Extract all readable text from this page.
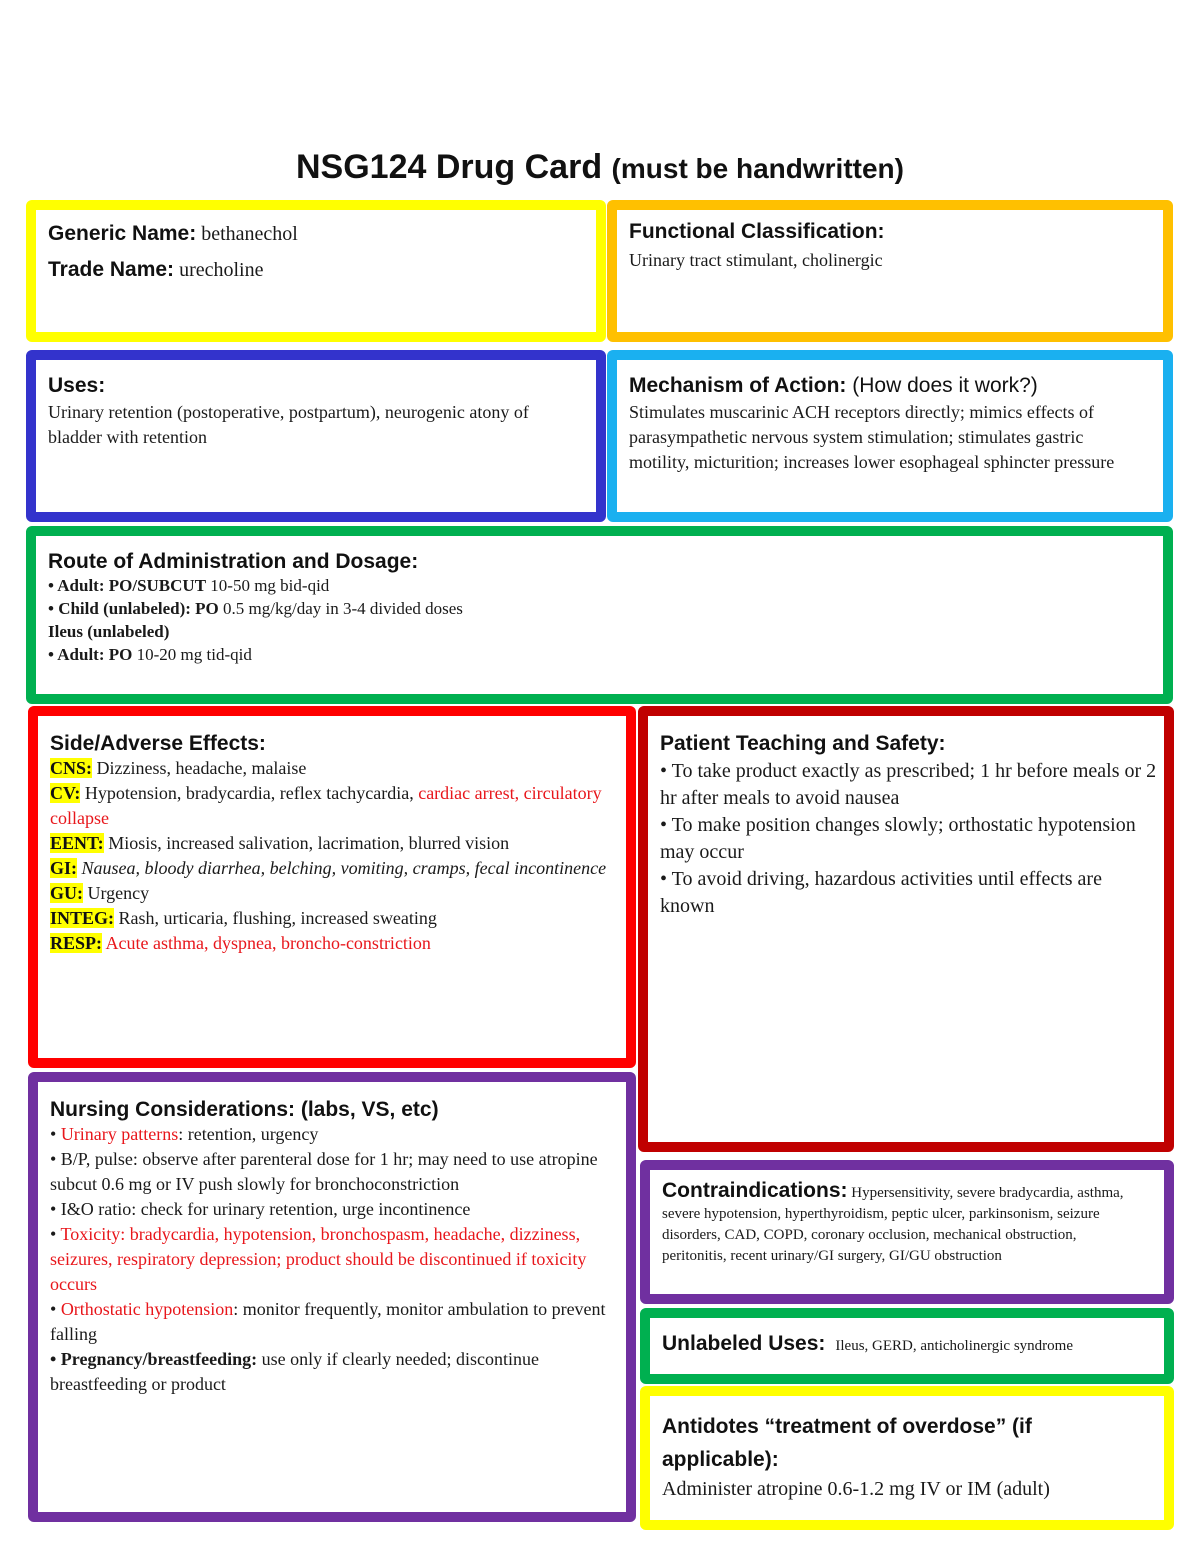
NSG124 Drug Card (must be handwritten)
Generic Name: bethanechol
Trade Name: urecholine
Functional Classification:
Urinary tract stimulant, cholinergic
Uses:
Urinary retention (postoperative, postpartum), neurogenic atony of bladder with retention
Mechanism of Action: (How does it work?)
Stimulates muscarinic ACH receptors directly; mimics effects of parasympathetic nervous system stimulation; stimulates gastric motility, micturition; increases lower esophageal sphincter pressure
Route of Administration and Dosage:
• Adult: PO/SUBCUT 10-50 mg bid-qid
• Child (unlabeled): PO 0.5 mg/kg/day in 3-4 divided doses
Ileus (unlabeled)
• Adult: PO 10-20 mg tid-qid
Side/Adverse Effects:
CNS: Dizziness, headache, malaise
CV: Hypotension, bradycardia, reflex tachycardia, cardiac arrest, circulatory collapse
EENT: Miosis, increased salivation, lacrimation, blurred vision
GI: Nausea, bloody diarrhea, belching, vomiting, cramps, fecal incontinence
GU: Urgency
INTEG: Rash, urticaria, flushing, increased sweating
RESP: Acute asthma, dyspnea, broncho-constriction
Patient Teaching and Safety:
• To take product exactly as prescribed; 1 hr before meals or 2 hr after meals to avoid nausea
• To make position changes slowly; orthostatic hypotension may occur
• To avoid driving, hazardous activities until effects are known
Nursing Considerations: (labs, VS, etc)
• Urinary patterns: retention, urgency
• B/P, pulse: observe after parenteral dose for 1 hr; may need to use atropine subcut 0.6 mg or IV push slowly for bronchoconstriction
• I&O ratio: check for urinary retention, urge incontinence
• Toxicity: bradycardia, hypotension, bronchospasm, headache, dizziness, seizures, respiratory depression; product should be discontinued if toxicity occurs
• Orthostatic hypotension: monitor frequently, monitor ambulation to prevent falling
• Pregnancy/breastfeeding: use only if clearly needed; discontinue breastfeeding or product
Contraindications: Hypersensitivity, severe bradycardia, asthma, severe hypotension, hyperthyroidism, peptic ulcer, parkinsonism, seizure disorders, CAD, COPD, coronary occlusion, mechanical obstruction, peritonitis, recent urinary/GI surgery, GI/GU obstruction
Unlabeled Uses: Ileus, GERD, anticholinergic syndrome
Antidotes “treatment of overdose” (if applicable):
Administer atropine 0.6-1.2 mg IV or IM (adult)
